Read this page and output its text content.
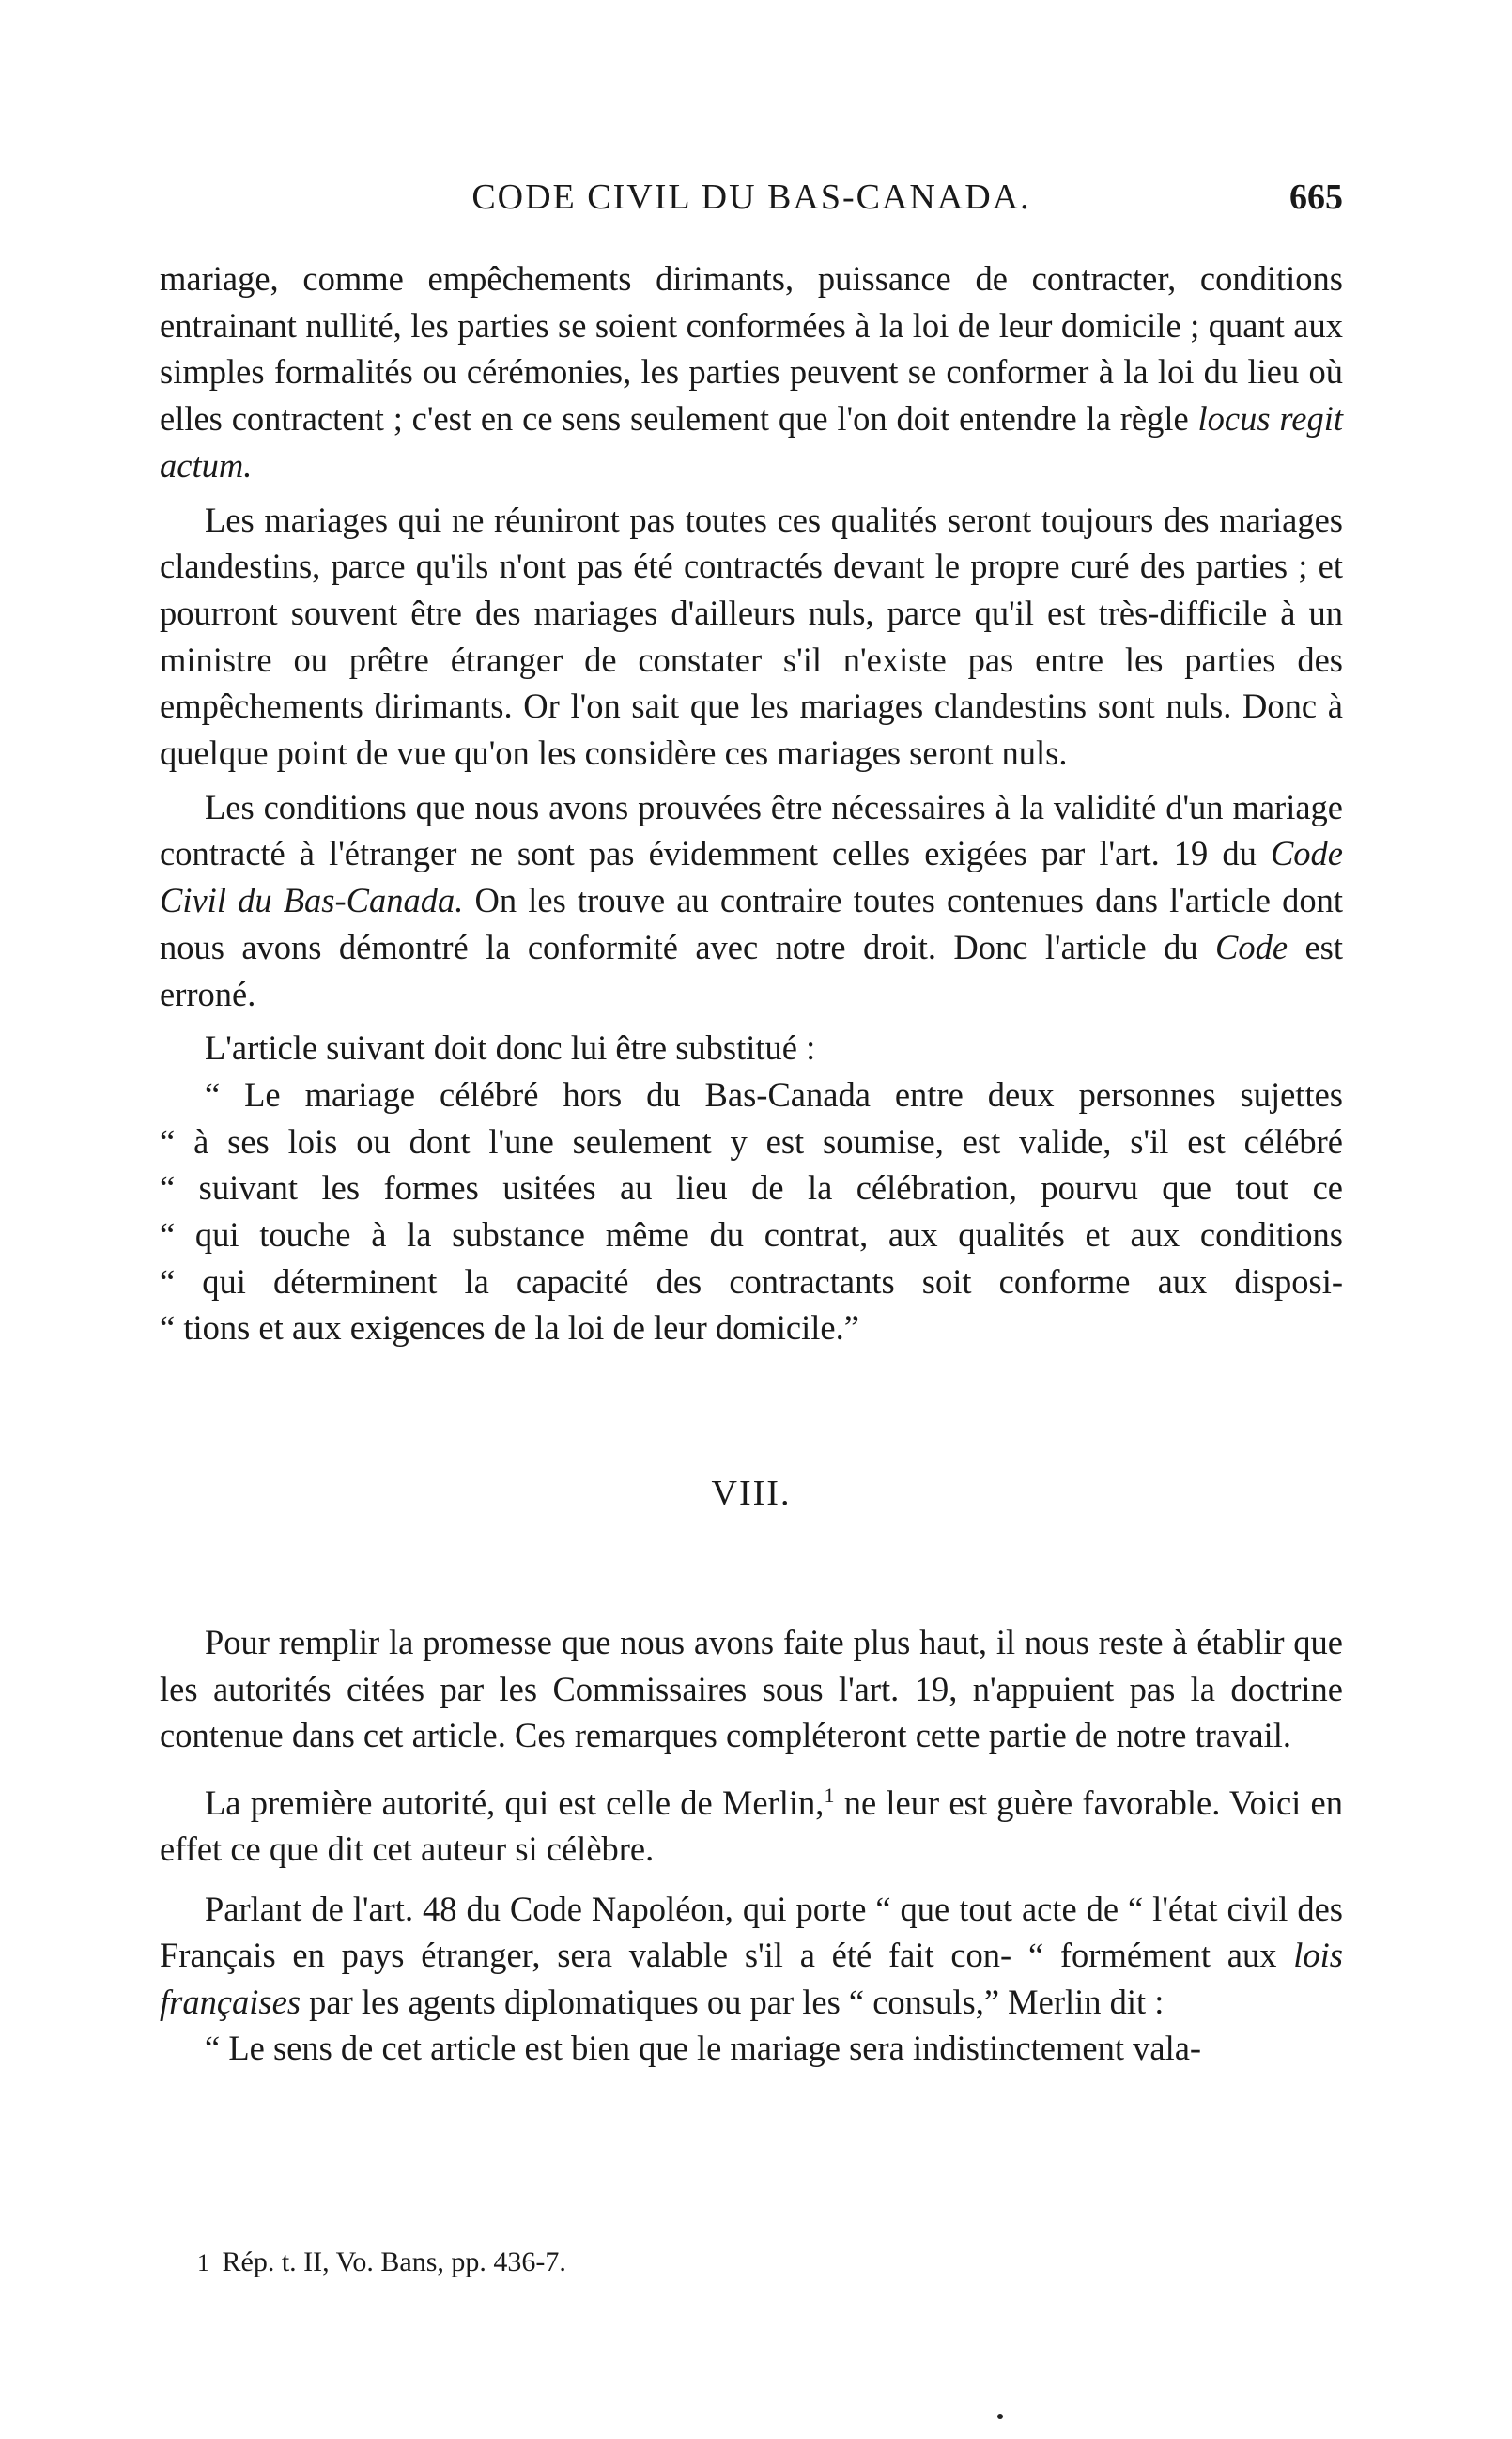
CODE CIVIL DU BAS-CANADA.	665

mariage, comme empêchements dirimants, puissance de contracter, conditions entrainant nullité, les parties se soient conformées à la loi de leur domicile ; quant aux simples formalités ou cérémonies, les parties peuvent se conformer à la loi du lieu où elles contractent ; c'est en ce sens seulement que l'on doit entendre la règle locus regit actum.

Les mariages qui ne réuniront pas toutes ces qualités seront toujours des mariages clandestins, parce qu'ils n'ont pas été contractés devant le propre curé des parties ; et pourront souvent être des mariages d'ailleurs nuls, parce qu'il est très-difficile à un ministre ou prêtre étranger de constater s'il n'existe pas entre les parties des empêchements dirimants. Or l'on sait que les mariages clandestins sont nuls. Donc à quelque point de vue qu'on les considère ces mariages seront nuls.

Les conditions que nous avons prouvées être nécessaires à la validité d'un mariage contracté à l'étranger ne sont pas évidemment celles exigées par l'art. 19 du Code Civil du Bas-Canada. On les trouve au contraire toutes contenues dans l'article dont nous avons démontré la conformité avec notre droit. Donc l'article du Code est erroné.

L'article suivant doit donc lui être substitué :

“ Le mariage célébré hors du Bas-Canada entre deux personnes sujettes
“ à ses lois ou dont l'une seulement y est soumise, est valide, s'il est célébré
“ suivant les formes usitées au lieu de la célébration, pourvu que tout ce
“ qui touche à la substance même du contrat, aux qualités et aux conditions
“ qui déterminent la capacité des contractants soit conforme aux disposi-
“ tions et aux exigences de la loi de leur domicile.”
VIII.

Pour remplir la promesse que nous avons faite plus haut, il nous reste à établir que les autorités citées par les Commissaires sous l'art. 19, n'appuient pas la doctrine contenue dans cet article. Ces remarques compléteront cette partie de notre travail.

La première autorité, qui est celle de Merlin,$^1$ ne leur est guère favorable. Voici en effet ce que dit cet auteur si célèbre.

Parlant de l'art. 48 du Code Napoléon, qui porte “ que tout acte de “ l'état civil des Français en pays étranger, sera valable s'il a été fait con- “ formément aux lois françaises par les agents diplomatiques ou par les “ consuls,” Merlin dit :

“ Le sens de cet article est bien que le mariage sera indistinctement vala-

1 Rép. t. II, Vo. Bans, pp. 436-7.
